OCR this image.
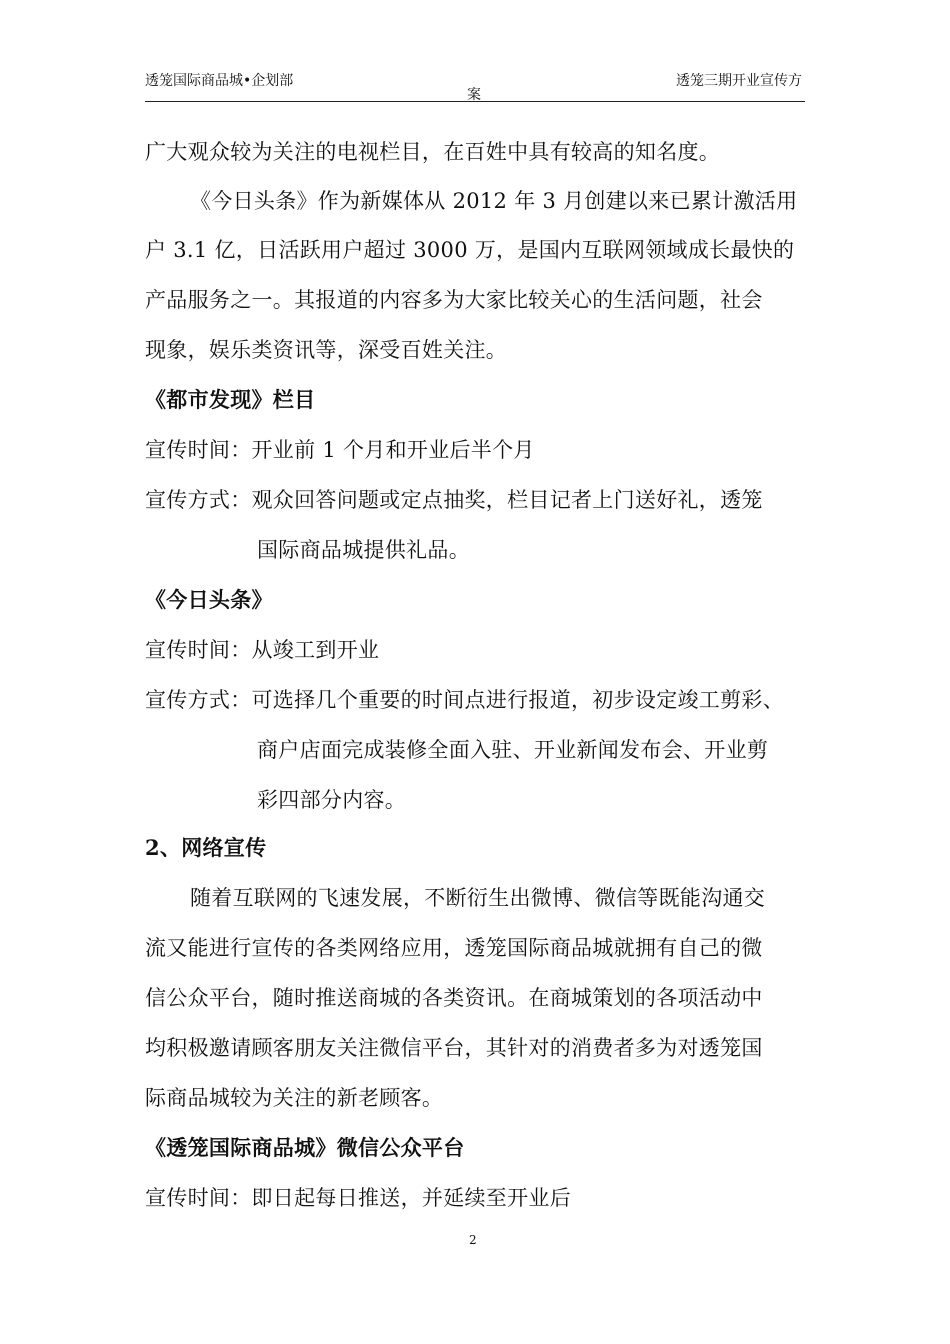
透笼国际商品城•企划部	透笼三期开业宣传方
案
广大观众较为关注的电视栏目，在百姓中具有较高的知名度。
《今日头条》作为新媒体从 2012 年 3 月创建以来已累计激活用
户 3.1 亿，日活跃用户超过 3000 万，是国内互联网领域成长最快的
产品服务之一。其报道的内容多为大家比较关心的生活问题，社会
现象，娱乐类资讯等，深受百姓关注。
《都市发现》栏目
宣传时间：开业前 1 个月和开业后半个月
宣传方式：观众回答问题或定点抽奖，栏目记者上门送好礼，透笼
国际商品城提供礼品。
《今日头条》
宣传时间：从竣工到开业
宣传方式：可选择几个重要的时间点进行报道，初步设定竣工剪彩、
商户店面完成装修全面入驻、开业新闻发布会、开业剪
彩四部分内容。
2、网络宣传
随着互联网的飞速发展，不断衍生出微博、微信等既能沟通交
流又能进行宣传的各类网络应用，透笼国际商品城就拥有自己的微
信公众平台，随时推送商城的各类资讯。在商城策划的各项活动中
均积极邀请顾客朋友关注微信平台，其针对的消费者多为对透笼国
际商品城较为关注的新老顾客。
《透笼国际商品城》微信公众平台
宣传时间：即日起每日推送，并延续至开业后
2
